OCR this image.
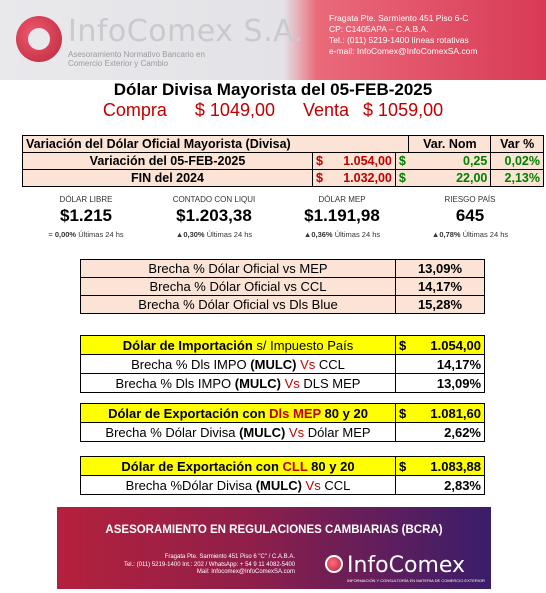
InfoComex S.A.
Asesoramiento Normativo Bancario en Comercio Exterior y Cambio
Fragata Pte. Sarmiento 451 Piso 6-C
CP: C1405APA – C.A.B.A.
Tel.: (011) 5219-1400 líneas rotativas
e-mail: InfoComex@InfoComexSA.com
Dólar Divisa Mayorista del 05-FEB-2025
Compra $ 1049,00 Venta $ 1059,00
Variación del Dólar Oficial Mayorista (Divisa)				Var. Nom	Var %
Variación del 05-FEB-2025	$	1.054,00	$	0,25	0,02%
FIN del 2024	$	1.032,00	$	22,00	2,13%
DÓLAR LIBRE
$1.215
= 0,00% Últimas 24 hs
CONTADO CON LIQUI
$1.203,38
▲0,30% Últimas 24 hs
DÓLAR MEP
$1.191,98
▲0,36% Últimas 24 hs
RIESGO PAÍS
645
▲0,78% Últimas 24 hs
Brecha % Dólar Oficial vs MEP	13,09%
Brecha % Dólar Oficial vs CCL	14,17%
Brecha % Dólar Oficial vs Dls Blue	15,28%
Dólar de Importación s/ Impuesto País	$ 1.054,00

Brecha % Dls IMPO (MULC) Vs CCL	14,17%
Brecha % Dls IMPO (MULC) Vs DLS MEP	13,09%
Dólar de Exportación con Dls MEP 80 y 20	$ 1.081,60

Brecha % Dólar Divisa (MULC) Vs Dólar MEP	2,62%
Dólar de Exportación con CLL 80 y 20	$ 1.083,88

Brecha %Dólar Divisa (MULC) Vs CCL	2,83%
ASESORAMIENTO EN REGULACIONES CAMBIARIAS (BCRA)
Fragata Pte. Sarmiento 451 Piso 6 "C" / C.A.B.A.
Tel.: (011) 5219-1400 Int.: 202 / WhatsApp: + 54 9 11 4082-5400
Mail: Infocomex@InfoComexSA.com InfoComex
INFORMACIÓN Y CONSULTORÍA EN MATERIA DE COMERCIO EXTERIOR
